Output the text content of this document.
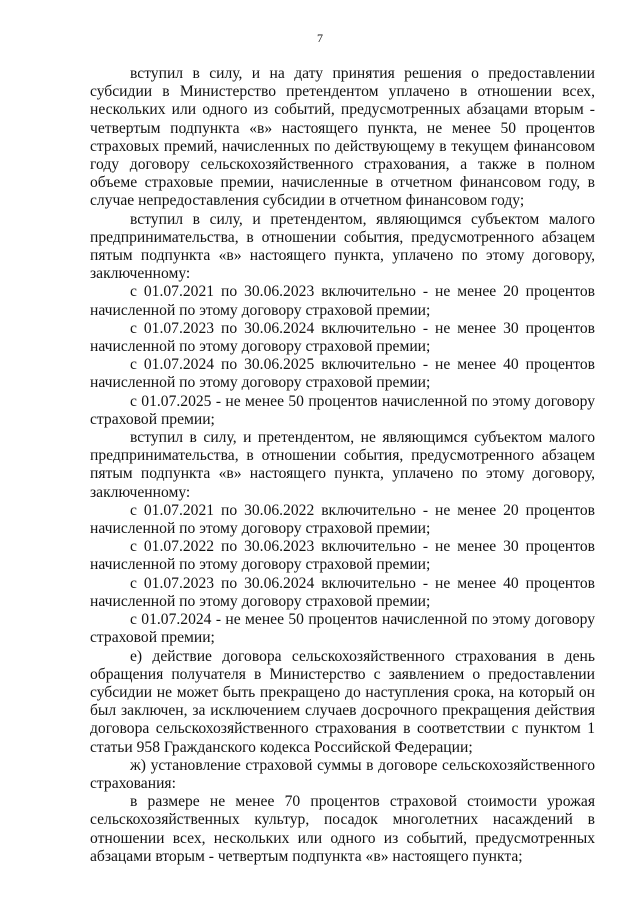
7

вступил в силу, и на дату принятия решения о предоставлении субсидии в Министерство претендентом уплачено в отношении всех, нескольких или одного из событий, предусмотренных абзацами вторым - четвертым подпункта «в» настоящего пункта, не менее 50 процентов страховых премий, начисленных по действующему в текущем финансовом году договору сельскохозяйственного страхования, а также в полном объеме страховые премии, начисленные в отчетном финансовом году, в случае непредоставления субсидии в отчетном финансовом году;

вступил в силу, и претендентом, являющимся субъектом малого предпринимательства, в отношении события, предусмотренного абзацем пятым подпункта «в» настоящего пункта, уплачено по этому договору, заключенному:

с 01.07.2021 по 30.06.2023 включительно - не менее 20 процентов начисленной по этому договору страховой премии;

с 01.07.2023 по 30.06.2024 включительно - не менее 30 процентов начисленной по этому договору страховой премии;

с 01.07.2024 по 30.06.2025 включительно - не менее 40 процентов начисленной по этому договору страховой премии;

с 01.07.2025 - не менее 50 процентов начисленной по этому договору страховой премии;

вступил в силу, и претендентом, не являющимся субъектом малого предпринимательства, в отношении события, предусмотренного абзацем пятым подпункта «в» настоящего пункта, уплачено по этому договору, заключенному:

с 01.07.2021 по 30.06.2022 включительно - не менее 20 процентов начисленной по этому договору страховой премии;

с 01.07.2022 по 30.06.2023 включительно - не менее 30 процентов начисленной по этому договору страховой премии;

с 01.07.2023 по 30.06.2024 включительно - не менее 40 процентов начисленной по этому договору страховой премии;

с 01.07.2024 - не менее 50 процентов начисленной по этому договору страховой премии;

е) действие договора сельскохозяйственного страхования в день обращения получателя в Министерство с заявлением о предоставлении субсидии не может быть прекращено до наступления срока, на который он был заключен, за исключением случаев досрочного прекращения действия договора сельскохозяйственного страхования в соответствии с пунктом 1 статьи 958 Гражданского кодекса Российской Федерации;

ж) установление страховой суммы в договоре сельскохозяйственного страхования:

в размере не менее 70 процентов страховой стоимости урожая сельскохозяйственных культур, посадок многолетних насаждений в отношении всех, нескольких или одного из событий, предусмотренных абзацами вторым - четвертым подпункта «в» настоящего пункта;
